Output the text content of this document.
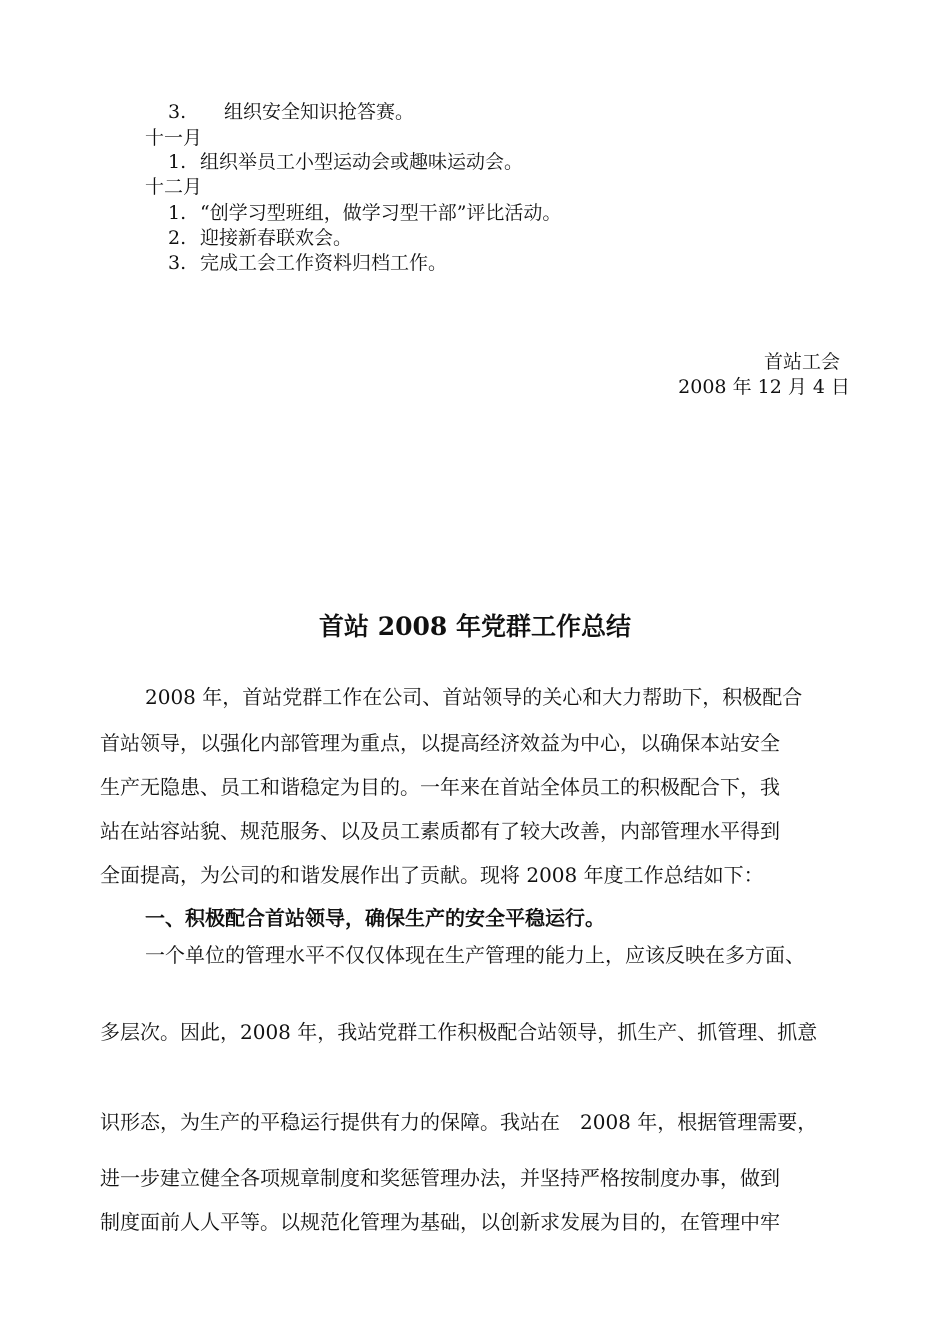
3. 组织安全知识抢答赛。
十一月
1. 组织举员工小型运动会或趣味运动会。
十二月
1. “创学习型班组，做学习型干部”评比活动。
2. 迎接新春联欢会。
3. 完成工会工作资料归档工作。
首站工会
2008 年 12 月 4 日
首站 2008 年党群工作总结
2008 年，首站党群工作在公司、首站领导的关心和大力帮助下，积极配合
首站领导，以强化内部管理为重点，以提高经济效益为中心，以确保本站安全
生产无隐患、员工和谐稳定为目的。一年来在首站全体员工的积极配合下，我
站在站容站貌、规范服务、以及员工素质都有了较大改善，内部管理水平得到
全面提高，为公司的和谐发展作出了贡献。现将 2008 年度工作总结如下：
一、积极配合首站领导，确保生产的安全平稳运行。
一个单位的管理水平不仅仅体现在生产管理的能力上，应该反映在多方面、
多层次。因此，2008 年，我站党群工作积极配合站领导，抓生产、抓管理、抓意
识形态，为生产的平稳运行提供有力的保障。我站在　2008 年，根据管理需要，
进一步建立健全各项规章制度和奖惩管理办法，并坚持严格按制度办事，做到
制度面前人人平等。以规范化管理为基础，以创新求发展为目的，在管理中牢
